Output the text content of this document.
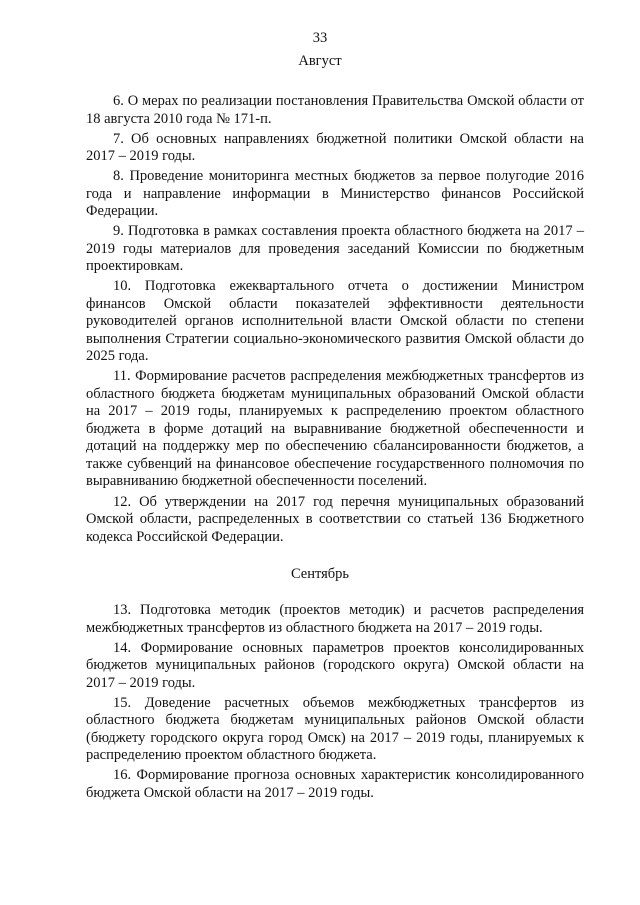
33
Август

6. О мерах по реализации постановления Правительства Омской области от 18 августа 2010 года № 171-п.

7. Об основных направлениях бюджетной политики Омской области на 2017 – 2019 годы.

8. Проведение мониторинга местных бюджетов за первое полугодие 2016 года и направление информации в Министерство финансов Российской Федерации.

9. Подготовка в рамках составления проекта областного бюджета на 2017 – 2019 годы материалов для проведения заседаний Комиссии по бюджетным проектировкам.

10. Подготовка ежеквартального отчета о достижении Министром финансов Омской области показателей эффективности деятельности руководителей органов исполнительной власти Омской области по степени выполнения Стратегии социально-экономического развития Омской области до 2025 года.

11. Формирование расчетов распределения межбюджетных трансфертов из областного бюджета бюджетам муниципальных образований Омской области на 2017 – 2019 годы, планируемых к распределению проектом областного бюджета в форме дотаций на выравнивание бюджетной обеспеченности и дотаций на поддержку мер по обеспечению сбалансированности бюджетов, а также субвенций на финансовое обеспечение государственного полномочия по выравниванию бюджетной обеспеченности поселений.

12. Об утверждении на 2017 год перечня муниципальных образований Омской области, распределенных в соответствии со статьей 136 Бюджетного кодекса Российской Федерации.

Сентябрь

13. Подготовка методик (проектов методик) и расчетов распределения межбюджетных трансфертов из областного бюджета на 2017 – 2019 годы.

14. Формирование основных параметров проектов консолидированных бюджетов муниципальных районов (городского округа) Омской области на 2017 – 2019 годы.

15. Доведение расчетных объемов межбюджетных трансфертов из областного бюджета бюджетам муниципальных районов Омской области (бюджету городского округа город Омск) на 2017 – 2019 годы, планируемых к распределению проектом областного бюджета.

16. Формирование прогноза основных характеристик консолидированного бюджета Омской области на 2017 – 2019 годы.
